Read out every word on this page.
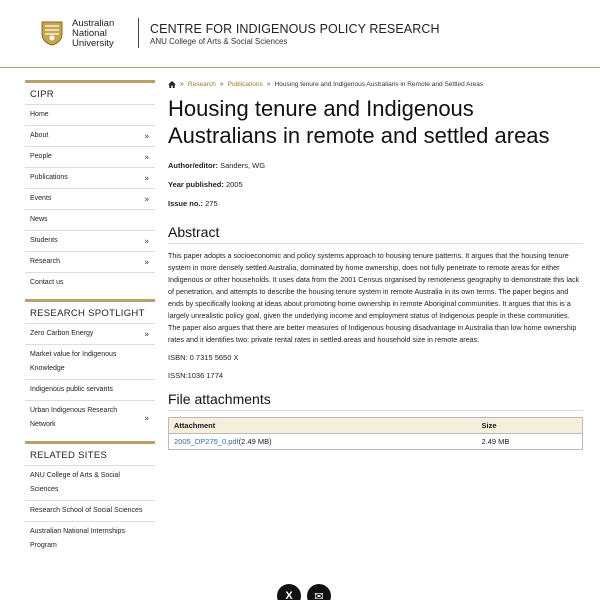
Australian
National
University
CENTRE FOR INDIGENOUS POLICY RESEARCH
ANU College of Arts & Social Sciences
CIPR
Home
About	»
People	»
Publications	»
Events	»
News
Students	»
Research	»
Contact us
RESEARCH SPOTLIGHT
Zero Carbon Energy	»
Market value for Indigenous Knowledge
Indigenous public servants
Urban Indigenous Research Network
»
RELATED SITES
ANU College of Arts & Social Sciences
Research School of Social Sciences
Australian National Internships Program
» Research » Publications » Housing tenure and Indigenous Australians in Remote and Settled Areas
Housing tenure and Indigenous Australians in remote and settled areas
Author/editor: Sanders, WG
Year published: 2005
Issue no.: 275
Abstract

This paper adopts a socioeconomic and policy systems approach to housing tenure patterns. It argues that the housing tenure system in more densely settled Australia, dominated by home ownership, does not fully penetrate to remote areas for either Indigenous or other households. It uses data from the 2001 Census organised by remoteness geography to demonstrate this lack of penetration, and attempts to describe the housing tenure system in remote Australia in its own terms. The paper begins and ends by specifically looking at ideas about promoting home ownership in remote Aboriginal communities. It argues that this is a largely unrealistic policy goal, given the underlying income and employment status of Indigenous people in these communities. The paper also argues that there are better measures of Indigenous housing disadvantage in Australia than low home ownership rates and it identifies two: private rental rates in settled areas and household size in remote areas.

ISBN: 0 7315 5650 X
ISSN:1036 1774
File attachments
Attachment	Size
2005_DP275_0.pdf(2.49 MB)	2.49 MB
X	✉
